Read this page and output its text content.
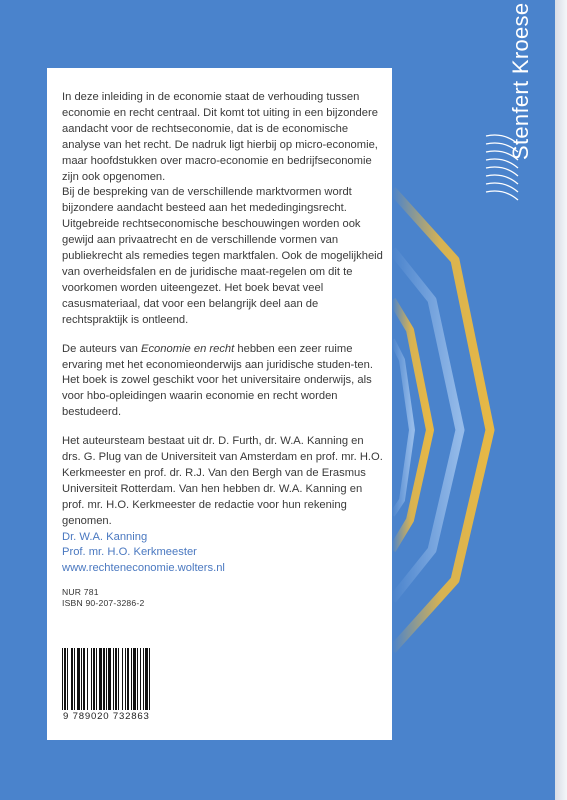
In deze inleiding in de economie staat de verhouding tussen economie en recht centraal. Dit komt tot uiting in een bijzondere aandacht voor de rechtseconomie, dat is de economische analyse van het recht. De nadruk ligt hierbij op micro-economie, maar hoofdstukken over macro-economie en bedrijfseconomie zijn ook opgenomen.

Bij de bespreking van de verschillende marktvormen wordt bijzondere aandacht besteed aan het mededingingsrecht. Uitgebreide rechtseconomische beschouwingen worden ook gewijd aan privaatrecht en de verschillende vormen van publiekrecht als remedies tegen marktfalen. Ook de mogelijkheid van overheidsfalen en de juridische maat-regelen om dit te voorkomen worden uiteengezet. Het boek bevat veel casusmateriaal, dat voor een belangrijk deel aan de rechtspraktijk is ontleend.

De auteurs van Economie en recht hebben een zeer ruime ervaring met het economieonderwijs aan juridische studen-ten. Het boek is zowel geschikt voor het universitaire onderwijs, als voor hbo-opleidingen waarin economie en recht worden bestudeerd.

Het auteursteam bestaat uit dr. D. Furth, dr. W.A. Kanning en drs. G. Plug van de Universiteit van Amsterdam en prof. mr. H.O. Kerkmeester en prof. dr. R.J. Van den Bergh van de Erasmus Universiteit Rotterdam. Van hen hebben dr. W.A. Kanning en prof. mr. H.O. Kerkmeester de redactie voor hun rekening genomen.

Dr. W.A. Kanning

Prof. mr. H.O. Kerkmeester

www.rechteneconomie.wolters.nl

NUR 781
ISBN 90-207-3286-2
9 789020 732863
Stenfert Kroese
